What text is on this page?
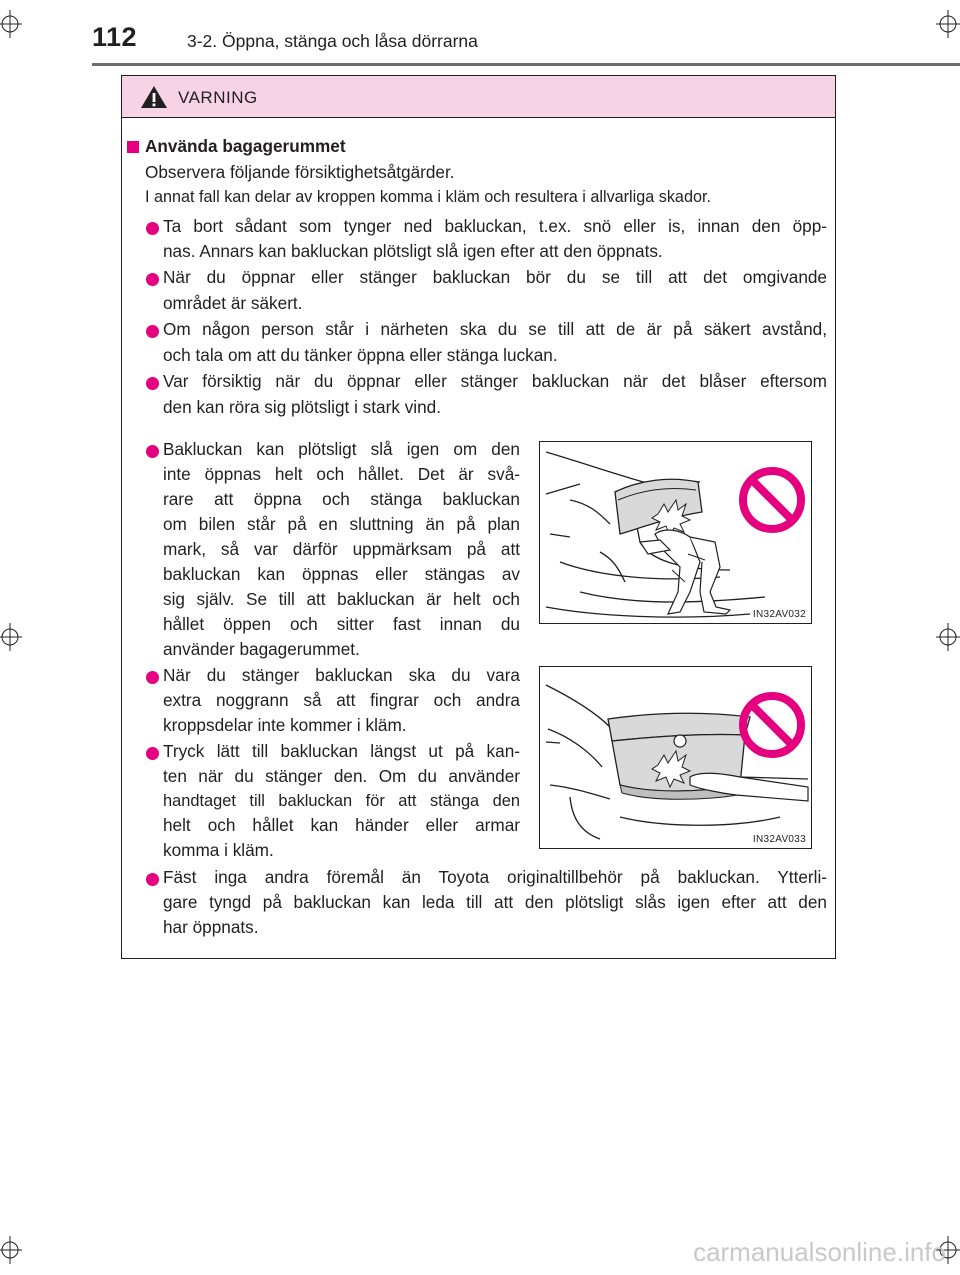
112	3-2. Öppna, stänga och låsa dörrarna
VARNING
Använda bagagerummet
Observera följande försiktighetsåtgärder.
I annat fall kan delar av kroppen komma i kläm och resultera i allvarliga skador.
Ta bort sådant som tynger ned bakluckan, t.ex. snö eller is, innan den öpp-
nas. Annars kan bakluckan plötsligt slå igen efter att den öppnats.
När du öppnar eller stänger bakluckan bör du se till att det omgivande
området är säkert.
Om någon person står i närheten ska du se till att de är på säkert avstånd,
och tala om att du tänker öppna eller stänga luckan.
Var försiktig när du öppnar eller stänger bakluckan när det blåser eftersom
den kan röra sig plötsligt i stark vind.
Bakluckan kan plötsligt slå igen om den
inte öppnas helt och hållet. Det är svå-
rare att öppna och stänga bakluckan
om bilen står på en sluttning än på plan
mark, så var därför uppmärksam på att
bakluckan kan öppnas eller stängas av
sig själv. Se till att bakluckan är helt och
hållet öppen och sitter fast innan du
använder bagagerummet.
IN32AV032
När du stänger bakluckan ska du vara
extra noggrann så att fingrar och andra
kroppsdelar inte kommer i kläm.
Tryck lätt till bakluckan längst ut på kan-
ten när du stänger den. Om du använder
handtaget till bakluckan för att stänga den
helt och hållet kan händer eller armar
komma i kläm.
IN32AV033
Fäst inga andra föremål än Toyota originaltillbehör på bakluckan. Ytterli-
gare tyngd på bakluckan kan leda till att den plötsligt slås igen efter att den
har öppnats.
carmanualsonline.info
